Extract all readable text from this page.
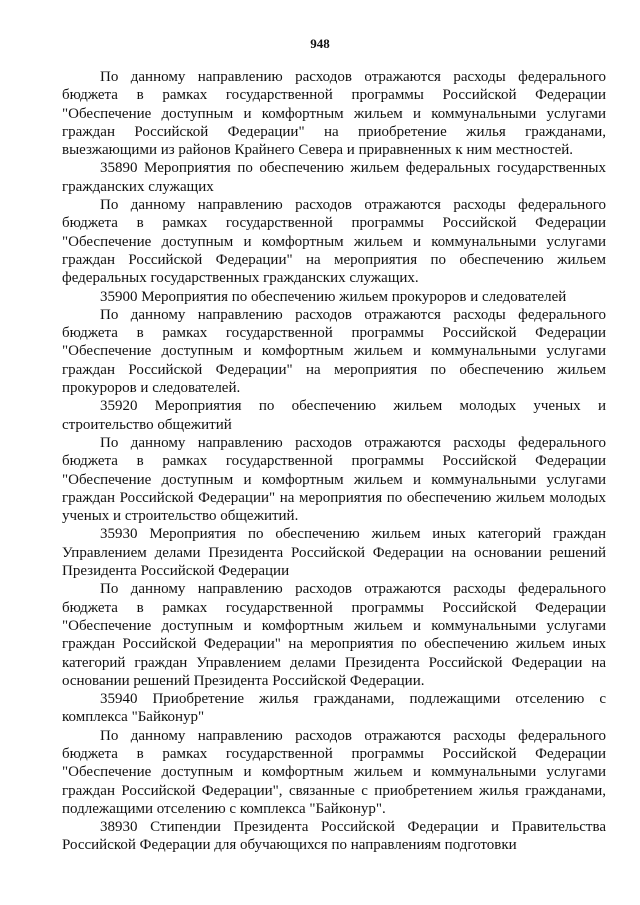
948

По данному направлению расходов отражаются расходы федерального бюджета в рамках государственной программы Российской Федерации "Обеспечение доступным и комфортным жильем и коммунальными услугами граждан Российской Федерации" на приобретение жилья гражданами, выезжающими из районов Крайнего Севера и приравненных к ним местностей.

35890 Мероприятия по обеспечению жильем федеральных государственных гражданских служащих

По данному направлению расходов отражаются расходы федерального бюджета в рамках государственной программы Российской Федерации "Обеспечение доступным и комфортным жильем и коммунальными услугами граждан Российской Федерации" на мероприятия по обеспечению жильем федеральных государственных гражданских служащих.

35900 Мероприятия по обеспечению жильем прокуроров и следователей

По данному направлению расходов отражаются расходы федерального бюджета в рамках государственной программы Российской Федерации "Обеспечение доступным и комфортным жильем и коммунальными услугами граждан Российской Федерации" на мероприятия по обеспечению жильем прокуроров и следователей.

35920 Мероприятия по обеспечению жильем молодых ученых и строительство общежитий

По данному направлению расходов отражаются расходы федерального бюджета в рамках государственной программы Российской Федерации "Обеспечение доступным и комфортным жильем и коммунальными услугами граждан Российской Федерации" на мероприятия по обеспечению жильем молодых ученых и строительство общежитий.

35930 Мероприятия по обеспечению жильем иных категорий граждан Управлением делами Президента Российской Федерации на основании решений Президента Российской Федерации

По данному направлению расходов отражаются расходы федерального бюджета в рамках государственной программы Российской Федерации "Обеспечение доступным и комфортным жильем и коммунальными услугами граждан Российской Федерации" на мероприятия по обеспечению жильем иных категорий граждан Управлением делами Президента Российской Федерации на основании решений Президента Российской Федерации.

35940 Приобретение жилья гражданами, подлежащими отселению с комплекса "Байконур"

По данному направлению расходов отражаются расходы федерального бюджета в рамках государственной программы Российской Федерации "Обеспечение доступным и комфортным жильем и коммунальными услугами граждан Российской Федерации", связанные с приобретением жилья гражданами, подлежащими отселению с комплекса "Байконур".

38930 Стипендии Президента Российской Федерации и Правительства Российской Федерации для обучающихся по направлениям подготовки
